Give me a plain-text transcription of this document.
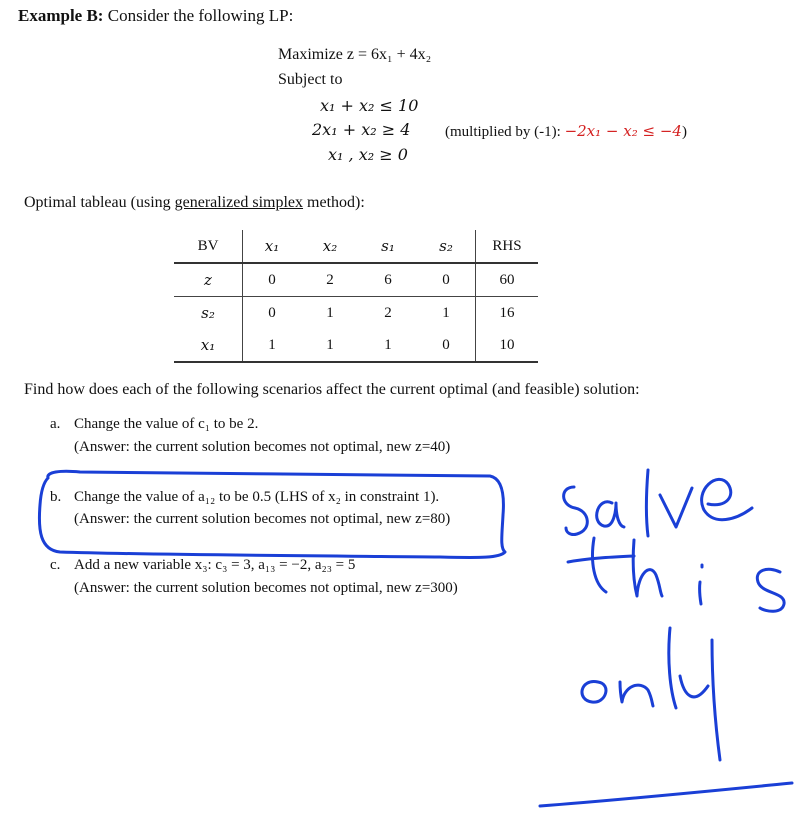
Example B: Consider the following LP:
Maximize z = 6x₁ + 4x₂
Subject to
x₁ + x₂ ≤ 10
2x₁ + x₂ ≥ 4 (multiplied by (-1): −2x₁ − x₂ ≤ −4)
x₁ , x₂ ≥ 0
Optimal tableau (using generalized simplex method):
BV	x₁	x₂	s₁	s₂	RHS
z	0	2	6	0	60
s₂	0	1	2	1	16
x₁	1	1	1	0	10
Find how does each of the following scenarios affect the current optimal (and feasible) solution:
a. Change the value of c₁ to be 2.
(Answer: the current solution becomes not optimal, new z=40)
b. Change the value of a₁₂ to be 0.5 (LHS of x₂ in constraint 1).
(Answer: the current solution becomes not optimal, new z=80)
c. Add a new variable x₃: c₃ = 3, a₁₃ = −2, a₂₃ = 5
(Answer: the current solution becomes not optimal, new z=300)
